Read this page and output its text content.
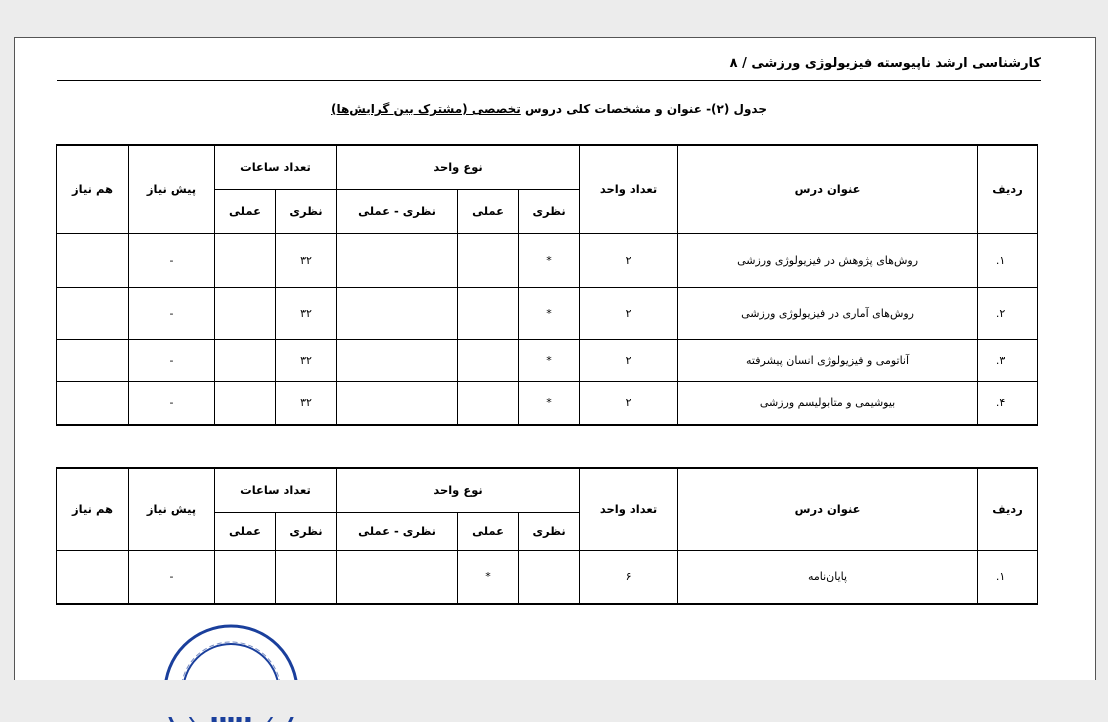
کارشناسی ارشد ناپیوسته فیزیولوژی ورزشی / ۸
جدول (۲)- عنوان و مشخصات کلی دروس تخصصی (مشترک بین گرایش‌ها)
ردیف	عنوان درس	تعداد واحد	نوع واحد			تعداد ساعات		پیش نیاز	هم نیاز
			نظری	عملی	نظری - عملی	نظری	عملی		
۱.	روش‌های پژوهش در فیزیولوژی ورزشی	۲	*			۳۲		-	
۲.	روش‌های آماری در فیزیولوژی ورزشی	۲	*			۳۲		-	
۳.	آناتومی و فیزیولوژی انسان پیشرفته	۲	*			۳۲		-	
۴.	بیوشیمی و متابولیسم ورزشی	۲	*			۳۲		-	
ردیف	عنوان درس	تعداد واحد	نوع واحد			تعداد ساعات		پیش نیاز	هم نیاز
			نظری	عملی	نظری - عملی	نظری	عملی		
۱.	پایان‌نامه	۶		*				-	
